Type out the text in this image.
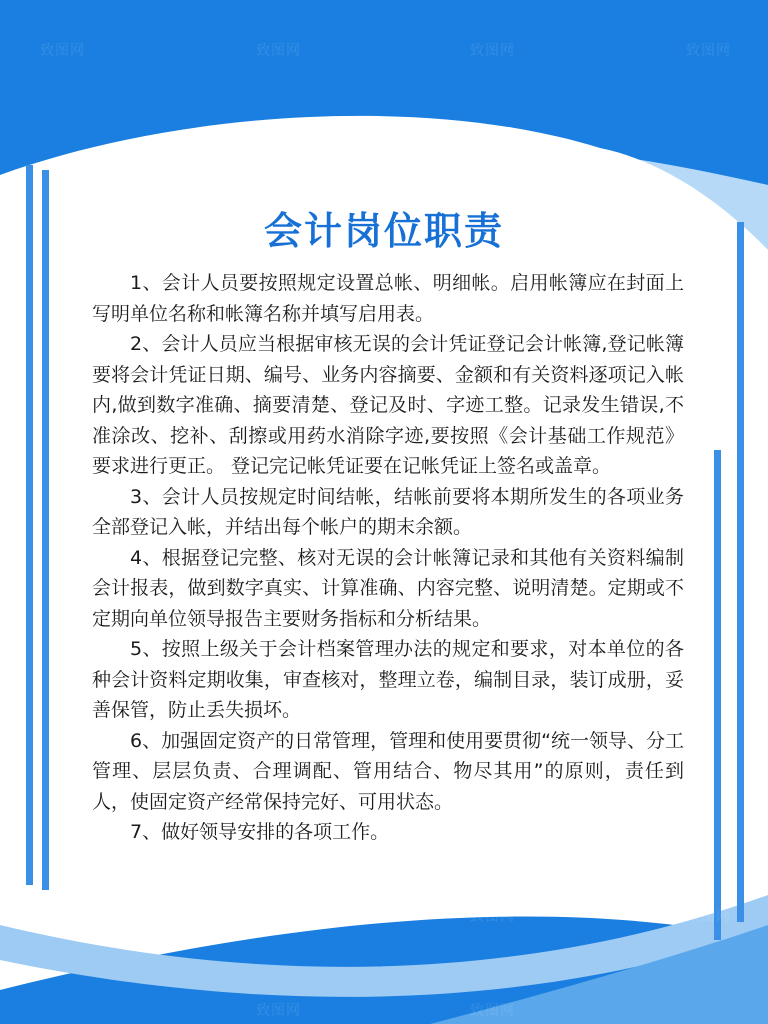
致图网	致图网	致图网	致图网
致图网	致图网	致图网	致图网
致图网	致图网
会计岗位职责

1、会计人员要按照规定设置总帐、明细帐。启用帐簿应在封面上写明单位名称和帐簿名称并填写启用表。

2、会计人员应当根据审核无误的会计凭证登记会计帐簿,登记帐簿要将会计凭证日期、编号、业务内容摘要、金额和有关资料逐项记入帐内,做到数字准确、摘要清楚、登记及时、字迹工整。记录发生错误,不准涂改、挖补、刮擦或用药水消除字迹,要按照《会计基础工作规范》要求进行更正。 登记完记帐凭证要在记帐凭证上签名或盖章。

3、会计人员按规定时间结帐，结帐前要将本期所发生的各项业务全部登记入帐，并结出每个帐户的期末余额。

4、根据登记完整、核对无误的会计帐簿记录和其他有关资料编制会计报表，做到数字真实、计算准确、内容完整、说明清楚。定期或不定期向单位领导报告主要财务指标和分析结果。

5、按照上级关于会计档案管理办法的规定和要求，对本单位的各种会计资料定期收集，审查核对，整理立卷，编制目录，装订成册，妥善保管，防止丢失损坏。

6、加强固定资产的日常管理，管理和使用要贯彻“统一领导、分工管理、层层负责、合理调配、管用结合、物尽其用”的原则，责任到人，使固定资产经常保持完好、可用状态。

7、做好领导安排的各项工作。
